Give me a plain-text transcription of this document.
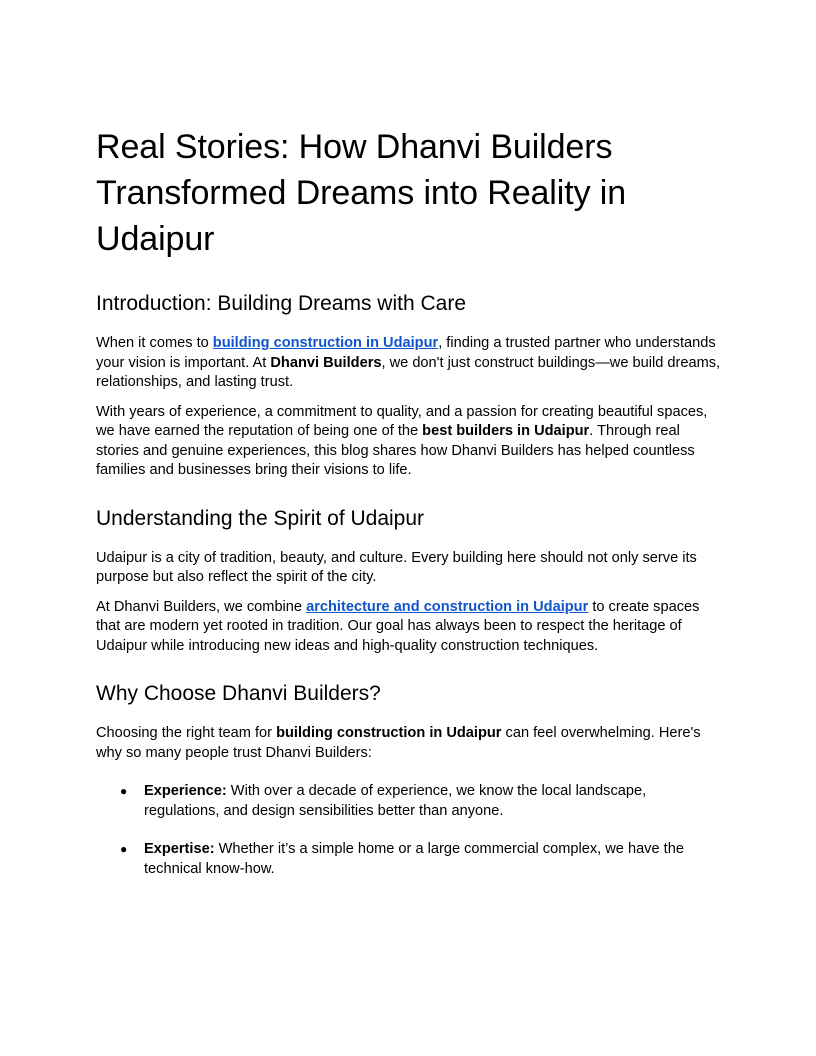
Real Stories: How Dhanvi Builders Transformed Dreams into Reality in Udaipur
Introduction: Building Dreams with Care

When it comes to building construction in Udaipur, finding a trusted partner who understands your vision is important. At Dhanvi Builders, we don't just construct buildings—we build dreams, relationships, and lasting trust.

With years of experience, a commitment to quality, and a passion for creating beautiful spaces, we have earned the reputation of being one of the best builders in Udaipur. Through real stories and genuine experiences, this blog shares how Dhanvi Builders has helped countless families and businesses bring their visions to life.

Understanding the Spirit of Udaipur

Udaipur is a city of tradition, beauty, and culture. Every building here should not only serve its purpose but also reflect the spirit of the city.

At Dhanvi Builders, we combine architecture and construction in Udaipur to create spaces that are modern yet rooted in tradition. Our goal has always been to respect the heritage of Udaipur while introducing new ideas and high-quality construction techniques.

Why Choose Dhanvi Builders?

Choosing the right team for building construction in Udaipur can feel overwhelming. Here's why so many people trust Dhanvi Builders:

● Experience: With over a decade of experience, we know the local landscape, regulations, and design sensibilities better than anyone.
● Expertise: Whether it’s a simple home or a large commercial complex, we have the technical know-how.
